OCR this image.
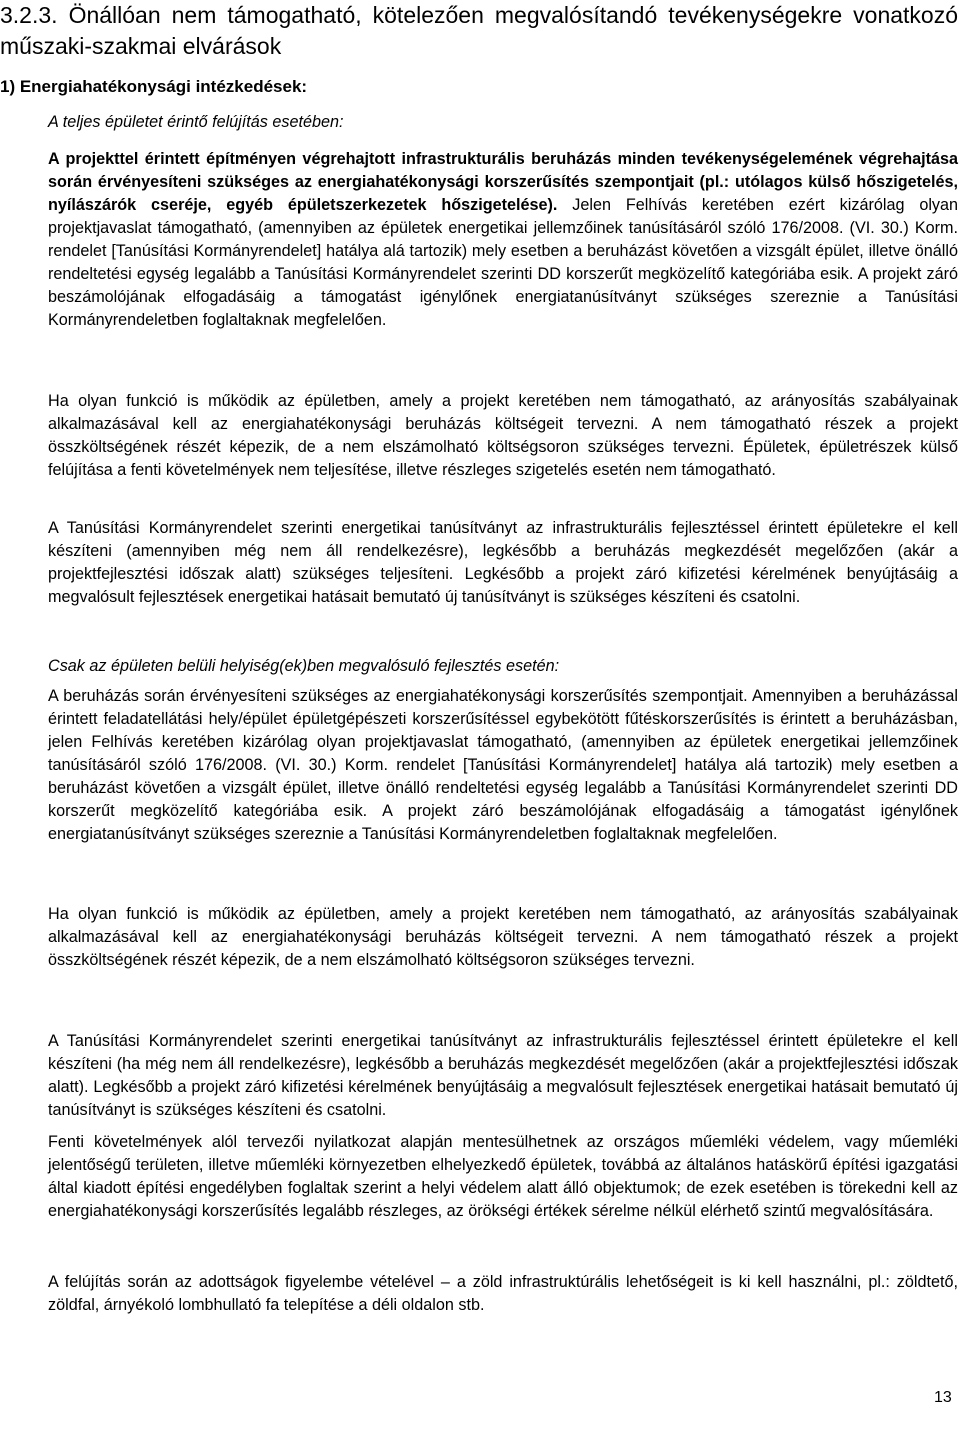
3.2.3. Önállóan nem támogatható, kötelezően megvalósítandó tevékenységekre vonatkozó műszaki-szakmai elvárások
1) Energiahatékonysági intézkedések:

A teljes épületet érintő felújítás esetében:

A projekttel érintett építményen végrehajtott infrastrukturális beruházás minden tevékenységelemének végrehajtása során érvényesíteni szükséges az energiahatékonysági korszerűsítés szempontjait (pl.: utólagos külső hőszigetelés, nyílászárók cseréje, egyéb épületszerkezetek hőszigetelése). Jelen Felhívás keretében ezért kizárólag olyan projektjavaslat támogatható, (amennyiben az épületek energetikai jellemzőinek tanúsításáról szóló 176/2008. (VI. 30.) Korm. rendelet [Tanúsítási Kormányrendelet] hatálya alá tartozik) mely esetben a beruházást követően a vizsgált épület, illetve önálló rendeltetési egység legalább a Tanúsítási Kormányrendelet szerinti DD korszerűt megközelítő kategóriába esik. A projekt záró beszámolójának elfogadásáig a támogatást igénylőnek energiatanúsítványt szükséges szereznie a Tanúsítási Kormányrendeletben foglaltaknak megfelelően.

Ha olyan funkció is működik az épületben, amely a projekt keretében nem támogatható, az arányosítás szabályainak alkalmazásával kell az energiahatékonysági beruházás költségeit tervezni. A nem támogatható részek a projekt összköltségének részét képezik, de a nem elszámolható költségsoron szükséges tervezni. Épületek, épületrészek külső felújítása a fenti követelmények nem teljesítése, illetve részleges szigetelés esetén nem támogatható.

A Tanúsítási Kormányrendelet szerinti energetikai tanúsítványt az infrastrukturális fejlesztéssel érintett épületekre el kell készíteni (amennyiben még nem áll rendelkezésre), legkésőbb a beruházás megkezdését megelőzően (akár a projektfejlesztési időszak alatt) szükséges teljesíteni. Legkésőbb a projekt záró kifizetési kérelmének benyújtásáig a megvalósult fejlesztések energetikai hatásait bemutató új tanúsítványt is szükséges készíteni és csatolni.

Csak az épületen belüli helyiség(ek)ben megvalósuló fejlesztés esetén:

A beruházás során érvényesíteni szükséges az energiahatékonysági korszerűsítés szempontjait. Amennyiben a beruházással érintett feladatellátási hely/épület épületgépészeti korszerűsítéssel egybekötött fűtéskorszerűsítés is érintett a beruházásban, jelen Felhívás keretében kizárólag olyan projektjavaslat támogatható, (amennyiben az épületek energetikai jellemzőinek tanúsításáról szóló 176/2008. (VI. 30.) Korm. rendelet [Tanúsítási Kormányrendelet] hatálya alá tartozik) mely esetben a beruházást követően a vizsgált épület, illetve önálló rendeltetési egység legalább a Tanúsítási Kormányrendelet szerinti DD korszerűt megközelítő kategóriába esik. A projekt záró beszámolójának elfogadásáig a támogatást igénylőnek energiatanúsítványt szükséges szereznie a Tanúsítási Kormányrendeletben foglaltaknak megfelelően.

Ha olyan funkció is működik az épületben, amely a projekt keretében nem támogatható, az arányosítás szabályainak alkalmazásával kell az energiahatékonysági beruházás költségeit tervezni. A nem támogatható részek a projekt összköltségének részét képezik, de a nem elszámolható költségsoron szükséges tervezni.

A Tanúsítási Kormányrendelet szerinti energetikai tanúsítványt az infrastrukturális fejlesztéssel érintett épületekre el kell készíteni (ha még nem áll rendelkezésre), legkésőbb a beruházás megkezdését megelőzően (akár a projektfejlesztési időszak alatt). Legkésőbb a projekt záró kifizetési kérelmének benyújtásáig a megvalósult fejlesztések energetikai hatásait bemutató új tanúsítványt is szükséges készíteni és csatolni.

Fenti követelmények alól tervezői nyilatkozat alapján mentesülhetnek az országos műemléki védelem, vagy műemléki jelentőségű területen, illetve műemléki környezetben elhelyezkedő épületek, továbbá az általános hatáskörű építési igazgatási által kiadott építési engedélyben foglaltak szerint a helyi védelem alatt álló objektumok; de ezek esetében is törekedni kell az energiahatékonysági korszerűsítés legalább részleges, az örökségi értékek sérelme nélkül elérhető szintű megvalósítására.

A felújítás során az adottságok figyelembe vételével – a zöld infrastruktúrális lehetőségeit is ki kell használni, pl.: zöldtető, zöldfal, árnyékoló lombhullató fa telepítése a déli oldalon stb.

13
